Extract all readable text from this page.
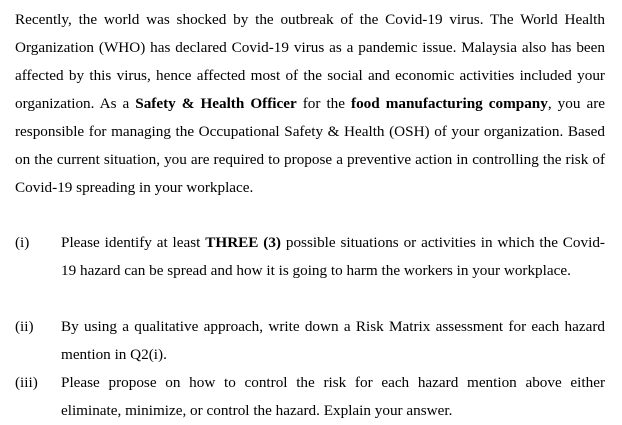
Recently, the world was shocked by the outbreak of the Covid-19 virus. The World Health Organization (WHO) has declared Covid-19 virus as a pandemic issue. Malaysia also has been affected by this virus, hence affected most of the social and economic activities included your organization. As a Safety & Health Officer for the food manufacturing company, you are responsible for managing the Occupational Safety & Health (OSH) of your organization. Based on the current situation, you are required to propose a preventive action in controlling the risk of Covid-19 spreading in your workplace.

(i)	Please identify at least THREE (3) possible situations or activities in which the Covid-19 hazard can be spread and how it is going to harm the workers in your workplace.
(ii)	By using a qualitative approach, write down a Risk Matrix assessment for each hazard mention in Q2(i).
(iii)	Please propose on how to control the risk for each hazard mention above either eliminate, minimize, or control the hazard. Explain your answer.
